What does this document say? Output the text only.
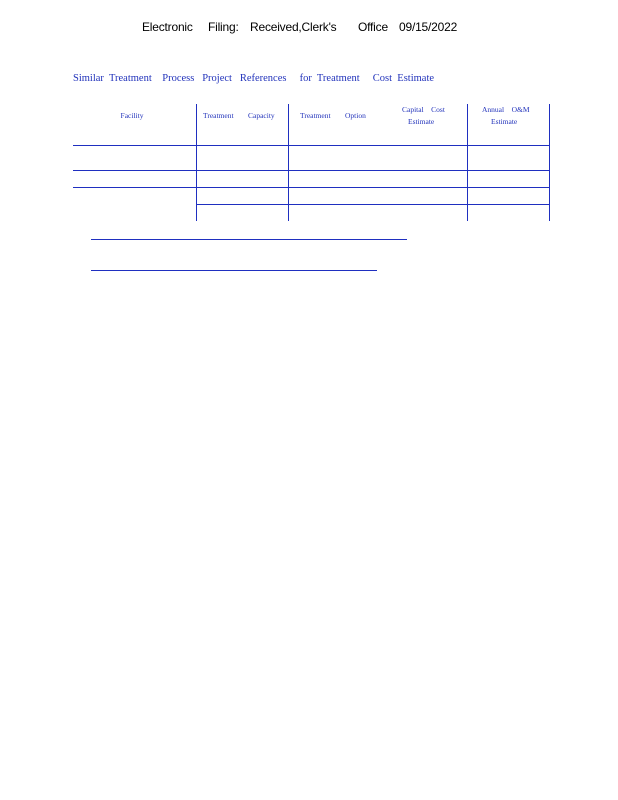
Electronic Filing: Received,Clerk's Office 09/15/2022
Similar  Treatment    Process   Project   References     for  Treatment     Cost  Estimate
Facility	Treatment Capacity	Treatment Option
Capital    Cost
Estimate
Annual    O&M
Estimate
